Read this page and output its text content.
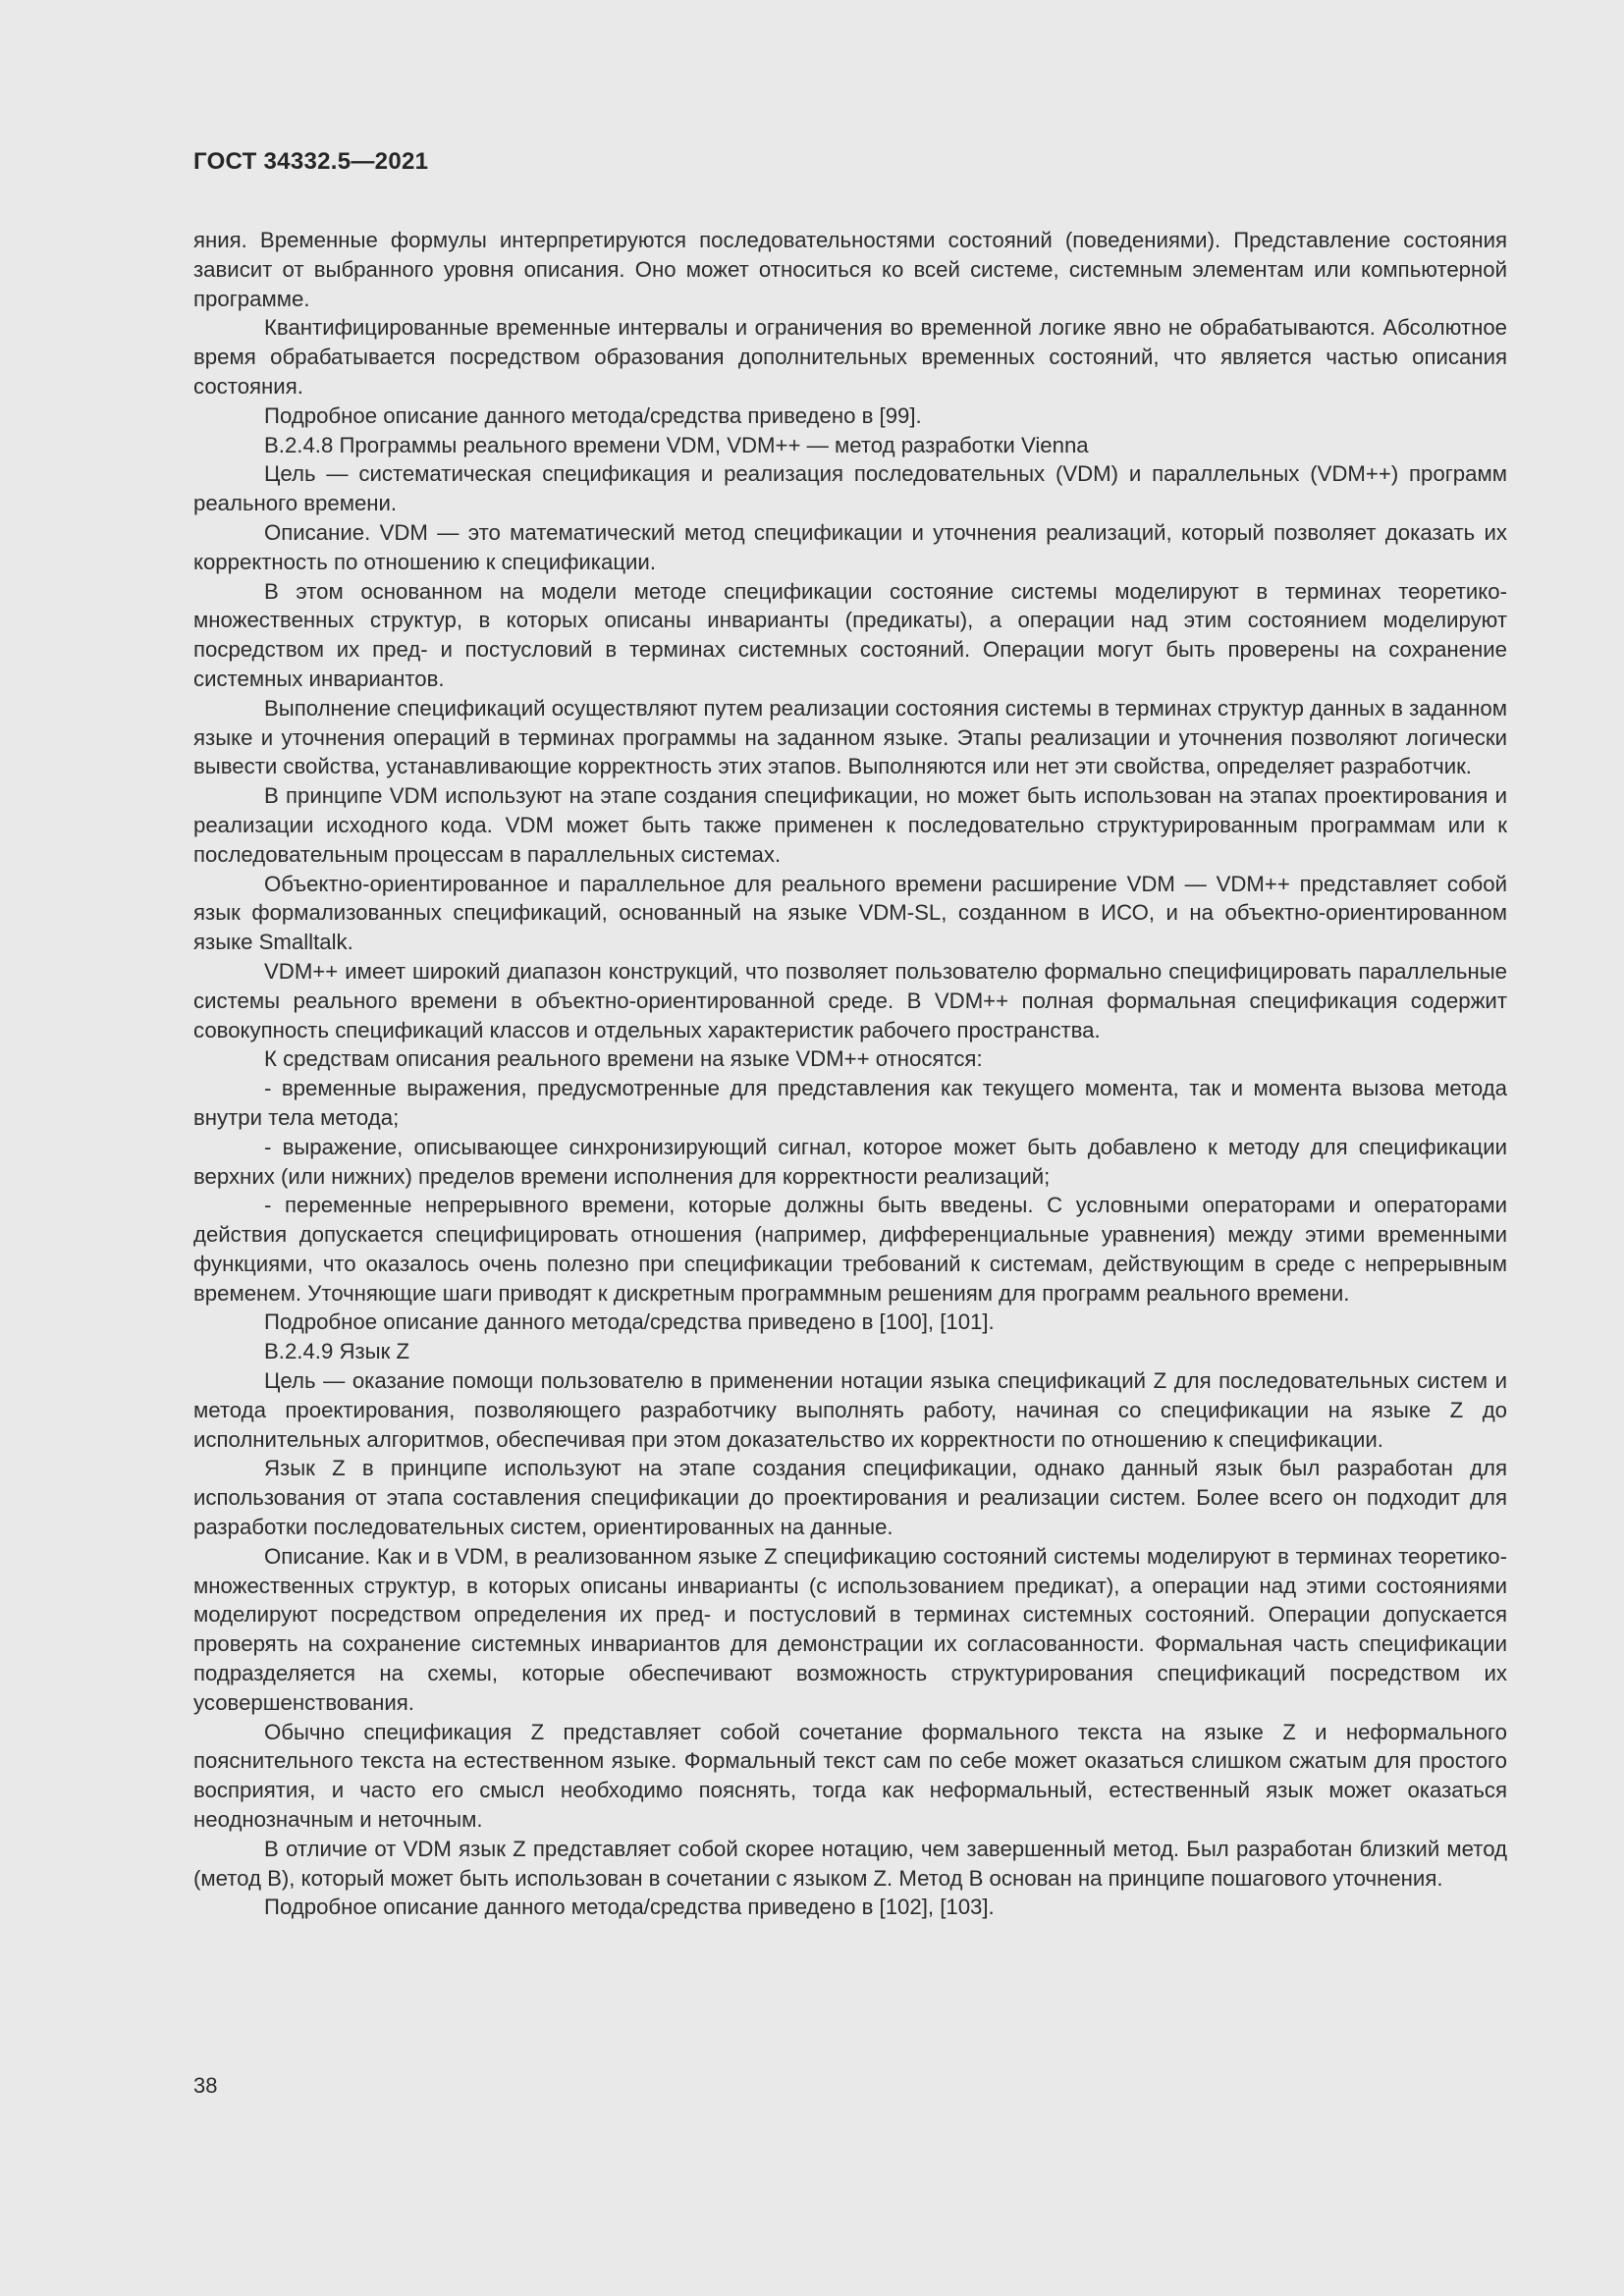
ГОСТ 34332.5—2021

яния. Временные формулы интерпретируются последовательностями состояний (поведениями). Представление состояния зависит от выбранного уровня описания. Оно может относиться ко всей системе, системным элементам или компьютерной программе.

Квантифицированные временные интервалы и ограничения во временной логике явно не обрабатываются. Абсолютное время обрабатывается посредством образования дополнительных временных состояний, что является частью описания состояния.

Подробное описание данного метода/средства приведено в [99].

В.2.4.8 Программы реального времени VDM, VDM++ — метод разработки Vienna

Цель — систематическая спецификация и реализация последовательных (VDM) и параллельных (VDM++) программ реального времени.

Описание. VDM — это математический метод спецификации и уточнения реализаций, который позволяет доказать их корректность по отношению к спецификации.

В этом основанном на модели методе спецификации состояние системы моделируют в терминах теоретико-множественных структур, в которых описаны инварианты (предикаты), а операции над этим состоянием моделируют посредством их пред- и постусловий в терминах системных состояний. Операции могут быть проверены на сохранение системных инвариантов.

Выполнение спецификаций осуществляют путем реализации состояния системы в терминах структур данных в заданном языке и уточнения операций в терминах программы на заданном языке. Этапы реализации и уточнения позволяют логически вывести свойства, устанавливающие корректность этих этапов. Выполняются или нет эти свойства, определяет разработчик.

В принципе VDM используют на этапе создания спецификации, но может быть использован на этапах проектирования и реализации исходного кода. VDM может быть также применен к последовательно структурированным программам или к последовательным процессам в параллельных системах.

Объектно-ориентированное и параллельное для реального времени расширение VDM — VDM++ представляет собой язык формализованных спецификаций, основанный на языке VDM-SL, созданном в ИСО, и на объектно-ориентированном языке Smalltalk.

VDM++ имеет широкий диапазон конструкций, что позволяет пользователю формально специфицировать параллельные системы реального времени в объектно-ориентированной среде. В VDM++ полная формальная спецификация содержит совокупность спецификаций классов и отдельных характеристик рабочего пространства.

К средствам описания реального времени на языке VDM++ относятся:

- временные выражения, предусмотренные для представления как текущего момента, так и момента вызова метода внутри тела метода;

- выражение, описывающее синхронизирующий сигнал, которое может быть добавлено к методу для спецификации верхних (или нижних) пределов времени исполнения для корректности реализаций;

- переменные непрерывного времени, которые должны быть введены. С условными операторами и операторами действия допускается специфицировать отношения (например, дифференциальные уравнения) между этими временными функциями, что оказалось очень полезно при спецификации требований к системам, действующим в среде с непрерывным временем. Уточняющие шаги приводят к дискретным программным решениям для программ реального времени.

Подробное описание данного метода/средства приведено в [100], [101].

В.2.4.9 Язык Z

Цель — оказание помощи пользователю в применении нотации языка спецификаций Z для последовательных систем и метода проектирования, позволяющего разработчику выполнять работу, начиная со спецификации на языке Z до исполнительных алгоритмов, обеспечивая при этом доказательство их корректности по отношению к спецификации.

Язык Z в принципе используют на этапе создания спецификации, однако данный язык был разработан для использования от этапа составления спецификации до проектирования и реализации систем. Более всего он подходит для разработки последовательных систем, ориентированных на данные.

Описание. Как и в VDM, в реализованном языке Z спецификацию состояний системы моделируют в терминах теоретико-множественных структур, в которых описаны инварианты (с использованием предикат), а операции над этими состояниями моделируют посредством определения их пред- и постусловий в терминах системных состояний. Операции допускается проверять на сохранение системных инвариантов для демонстрации их согласованности. Формальная часть спецификации подразделяется на схемы, которые обеспечивают возможность структурирования спецификаций посредством их усовершенствования.

Обычно спецификация Z представляет собой сочетание формального текста на языке Z и неформального пояснительного текста на естественном языке. Формальный текст сам по себе может оказаться слишком сжатым для простого восприятия, и часто его смысл необходимо пояснять, тогда как неформальный, естественный язык может оказаться неоднозначным и неточным.

В отличие от VDM язык Z представляет собой скорее нотацию, чем завершенный метод. Был разработан близкий метод (метод B), который может быть использован в сочетании с языком Z. Метод B основан на принципе пошагового уточнения.

Подробное описание данного метода/средства приведено в [102], [103].

38
